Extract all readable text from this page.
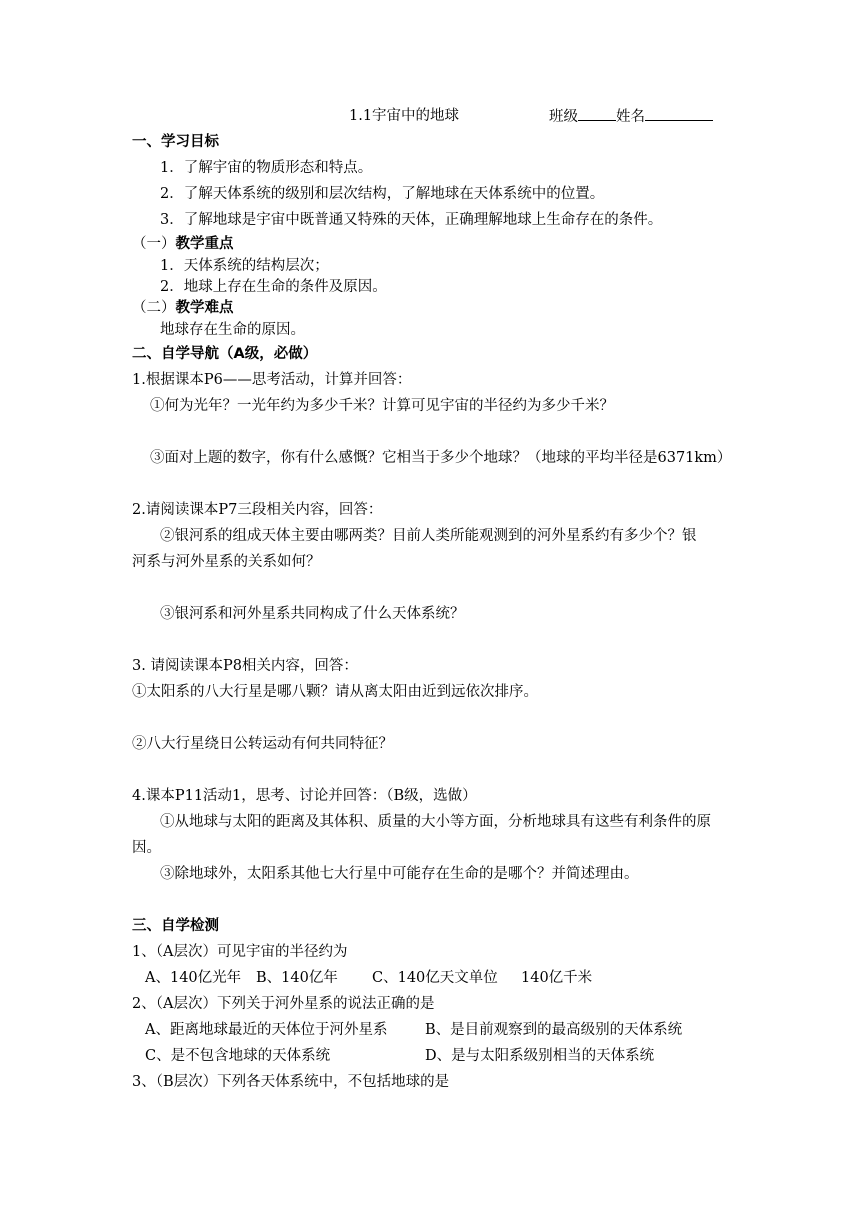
1.1宇宙中的地球	班级	姓名
一、学习目标
1．了解宇宙的物质形态和特点。
2．了解天体系统的级别和层次结构，了解地球在天体系统中的位置。
3．了解地球是宇宙中既普通又特殊的天体，正确理解地球上生命存在的条件。
（一）教学重点
1．天体系统的结构层次；
2．地球上存在生命的条件及原因。
（二）教学难点
地球存在生命的原因。
二、自学导航（A级，必做）
1.根据课本P6——思考活动，计算并回答：
①何为光年？一光年约为多少千米？计算可见宇宙的半径约为多少千米？
③面对上题的数字，你有什么感慨？它相当于多少个地球？（地球的平均半径是6371km）
2.请阅读课本P7三段相关内容，回答：
②银河系的组成天体主要由哪两类？目前人类所能观测到的河外星系约有多少个？银
河系与河外星系的关系如何？
③银河系和河外星系共同构成了什么天体系统？
3. 请阅读课本P8相关内容，回答：
①太阳系的八大行星是哪八颗？请从离太阳由近到远依次排序。
②八大行星绕日公转运动有何共同特征？
4.课本P11活动1，思考、讨论并回答：（B级，选做）
①从地球与太阳的距离及其体积、质量的大小等方面，分析地球具有这些有利条件的原
因。
③除地球外，太阳系其他七大行星中可能存在生命的是哪个？并简述理由。
三、自学检测
1、（A层次）可见宇宙的半径约为
A、140亿光年 B、140亿年 C、140亿天文单位 140亿千米
2、（A层次）下列关于河外星系的说法正确的是
A、距离地球最近的天体位于河外星系	B、是目前观察到的最高级别的天体系统
C、是不包含地球的天体系统	D、是与太阳系级别相当的天体系统
3、（B层次）下列各天体系统中，不包括地球的是
